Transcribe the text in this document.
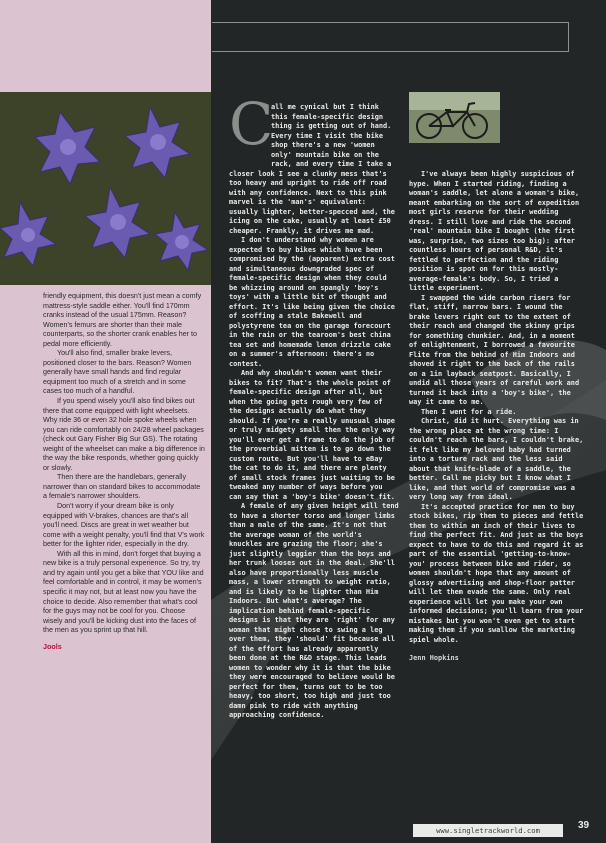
friendly equipment, this doesn't just mean a comfy mattress-style saddle either. You'll find 170mm cranks instead of the usual 175mm. Reason? Women's femurs are shorter than their male counterparts, so the shorter crank enables her to pedal more efficiently.

You'll also find, smaller brake levers, positioned closer to the bars. Reason? Women generally have small hands and find regular equipment too much of a stretch and in some cases too much of a handful.

If you spend wisely you'll also find bikes out there that come equipped with light wheelsets. Why ride 36 or even 32 hole spoke wheels when you can ride comfortably on 24/28 wheel packages (check out Gary Fisher Big Sur GS). The rotating weight of the wheelset can make a big difference in the way the bike responds, whether going quickly or slowly.

Then there are the handlebars, generally narrower than on standard bikes to accommodate a female's narrower shoulders.

Don't worry if your dream bike is only equipped with V-brakes, chances are that's all you'll need. Discs are great in wet weather but come with a weight penalty, you'll find that V's work better for the lighter rider, especially in the dry.

With all this in mind, don't forget that buying a new bike is a truly personal experience. So try, try and try again until you get a bike that YOU like and feel comfortable and in control, it may be women's specific it may not, but at least now you have the choice to decide. Also remember that what's cool for the guys may not be cool for you. Choose wisely and you'll be kicking dust into the faces of the men as you sprint up that hill.

Jools
C

all me cynical but I think this female-specific design thing is getting out of hand. Every time I visit the bike shop there's a new 'women only' mountain bike on the rack, and every time I take a closer look I see a clunky mess that's too heavy and upright to ride off road with any confidence. Next to this pink marvel is the 'man's' equivalent: usually lighter, better-specced and, the icing on the cake, usually at least £50 cheaper. Frankly, it drives me mad.

I don't understand why women are expected to buy bikes which have been compromised by the (apparent) extra cost and simultaneous downgraded spec of female-specific design when they could be whizzing around on spangly 'boy's toys' with a little bit of thought and effort. It's like being given the choice of scoffing a stale Bakewell and polystyrene tea on the garage forecourt in the rain or the tearoom's best china tea set and homemade lemon drizzle cake on a summer's afternoon: there's no contest.

And why shouldn't women want their bikes to fit? That's the whole point of female-specific design after all, but when the going gets rough very few of the designs actually do what they should. If you're a really unusual shape or truly midgety small then the only way you'll ever get a frame to do the job of the proverbial mitten is to go down the custom route. But you'll have to eBay the cat to do it, and there are plenty of small stock frames just waiting to be tweaked any number of ways before you can say that a 'boy's bike' doesn't fit.

A female of any given height will tend to have a shorter torso and longer limbs than a male of the same. It's not that the average woman of the world's knuckles are grazing the floor; she's just slightly leggier than the boys and her trunk looses out in the deal. She'll also have proportionally less muscle mass, a lower strength to weight ratio, and is likely to be lighter than Him Indoors. But what's average? The implication behind female-specific designs is that they are 'right' for any woman that might chose to swing a leg over them, they 'should' fit because all of the effort has already apparently been done at the R&D stage. This leads women to wonder why it is that the bike they were encouraged to believe would be perfect for them, turns out to be too heavy, too short, too high and just too damn pink to ride with anything approaching confidence.

I've always been highly suspicious of hype. When I started riding, finding a woman's saddle, let alone a woman's bike, meant embarking on the sort of expedition most girls reserve for their wedding dress. I still love and ride the second 'real' mountain bike I bought (the first was, surprise, two sizes too big): after countless hours of personal R&D, it's fettled to perfection and the riding position is spot on for this mostly-average-female's body. So, I tried a little experiment.

I swapped the wide carbon risers for flat, stiff, narrow bars. I wound the brake levers right out to the extent of their reach and changed the skinny grips for something chunkier. And, in a moment of enlightenment, I borrowed a favourite Flite from the behind of Him Indoors and shoved it right to the back of the rails on a 1in layback seatpost. Basically, I undid all those years of careful work and turned it back into a 'boy's bike', the way it came to me.

Then I went for a ride.

Christ, did it hurt. Everything was in the wrong place at the wrong time: I couldn't reach the bars, I couldn't brake, it felt like my beloved baby had turned into a torture rack and the less said about that knife-blade of a saddle, the better. Call me picky but I know what I like, and that world of compromise was a very long way from ideal.

It's accepted practice for men to buy stock bikes, rip them to pieces and fettle them to within an inch of their lives to find the perfect fit. And just as the boys expect to have to do this and regard it as part of the essential 'getting-to-know-you' process between bike and rider, so women shouldn't hope that any amount of glossy advertising and shop-floor patter will let them evade the same. Only real experience will let you make your own informed decisions; you'll learn from your mistakes but you won't even get to start making them if you swallow the marketing spiel whole.

Jenn Hopkins

www.singletrackworld.com	39
